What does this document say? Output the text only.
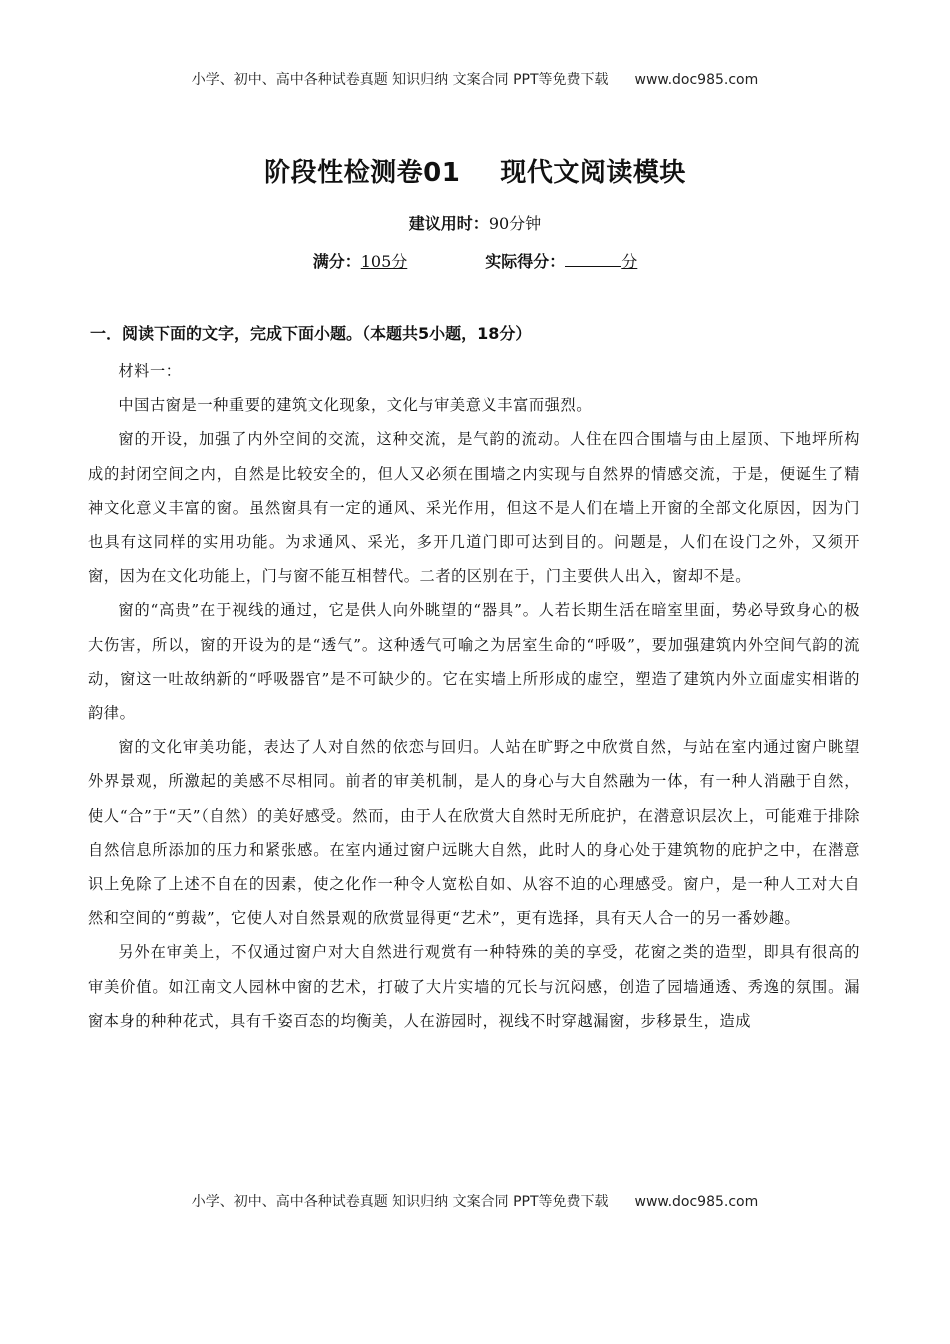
小学、初中、高中各种试卷真题 知识归纳 文案合同 PPT等免费下载 www.doc985.com
阶段性检测卷01 现代文阅读模块
建议用时：90分钟
满分：105分	实际得分：	分
一．阅读下面的文字，完成下面小题。（本题共5小题，18分）

材料一：

中国古窗是一种重要的建筑文化现象，文化与审美意义丰富而强烈。

窗的开设，加强了内外空间的交流，这种交流，是气韵的流动。人住在四合围墙与由上屋顶、下地坪所构成的封闭空间之内，自然是比较安全的，但人又必须在围墙之内实现与自然界的情感交流，于是，便诞生了精神文化意义丰富的窗。虽然窗具有一定的通风、采光作用，但这不是人们在墙上开窗的全部文化原因，因为门也具有这同样的实用功能。为求通风、采光，多开几道门即可达到目的。问题是，人们在设门之外，又须开窗，因为在文化功能上，门与窗不能互相替代。二者的区别在于，门主要供人出入，窗却不是。

窗的“高贵”在于视线的通过，它是供人向外眺望的“器具”。人若长期生活在暗室里面，势必导致身心的极大伤害，所以，窗的开设为的是“透气”。这种透气可喻之为居室生命的“呼吸”，要加强建筑内外空间气韵的流动，窗这一吐故纳新的“呼吸器官”是不可缺少的。它在实墙上所形成的虚空，塑造了建筑内外立面虚实相谐的韵律。

窗的文化审美功能，表达了人对自然的依恋与回归。人站在旷野之中欣赏自然，与站在室内通过窗户眺望外界景观，所激起的美感不尽相同。前者的审美机制，是人的身心与大自然融为一体，有一种人消融于自然，使人“合”于“天”（自然）的美好感受。然而，由于人在欣赏大自然时无所庇护，在潜意识层次上，可能难于排除自然信息所添加的压力和紧张感。在室内通过窗户远眺大自然，此时人的身心处于建筑物的庇护之中，在潜意识上免除了上述不自在的因素，使之化作一种令人宽松自如、从容不迫的心理感受。窗户，是一种人工对大自然和空间的“剪裁”，它使人对自然景观的欣赏显得更“艺术”，更有选择，具有天人合一的另一番妙趣。

另外在审美上，不仅通过窗户对大自然进行观赏有一种特殊的美的享受，花窗之类的造型，即具有很高的审美价值。如江南文人园林中窗的艺术，打破了大片实墙的冗长与沉闷感，创造了园墙通透、秀逸的氛围。漏窗本身的种种花式，具有千姿百态的均衡美，人在游园时，视线不时穿越漏窗，步移景生，造成

小学、初中、高中各种试卷真题 知识归纳 文案合同 PPT等免费下载 www.doc985.com
